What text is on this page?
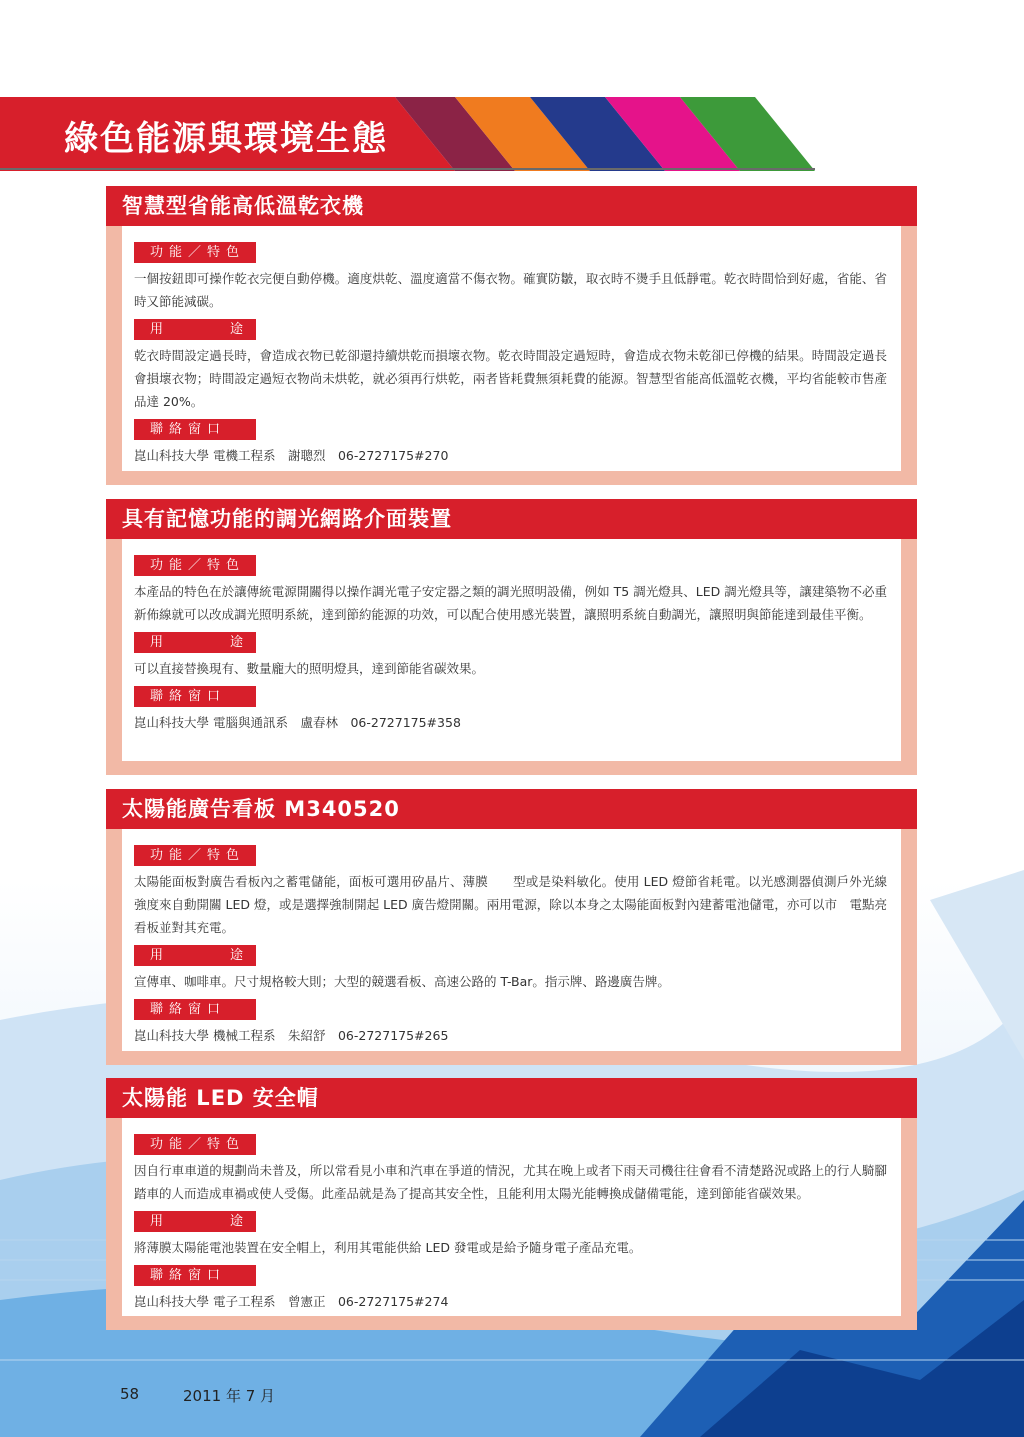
綠色能源與環境生態
智慧型省能高低溫乾衣機
功能／特色
一個按鈕即可操作乾衣完便自動停機。適度烘乾、溫度適當不傷衣物。確實防皺，取衣時不燙手且低靜電。乾衣時間恰到好處，省能、省時又節能減碳。
用	途
乾衣時間設定過長時，會造成衣物已乾卻還持續烘乾而損壞衣物。乾衣時間設定過短時，會造成衣物未乾卻已停機的結果。時間設定過長會損壞衣物；時間設定過短衣物尚未烘乾，就必須再行烘乾，兩者皆耗費無須耗費的能源。智慧型省能高低溫乾衣機，平均省能較市售產品達 20%。
聯絡窗口
崑山科技大學 電機工程系　謝聰烈　06-2727175#270
具有記憶功能的調光網路介面裝置
功能／特色
本產品的特色在於讓傳統電源開關得以操作調光電子安定器之類的調光照明設備，例如 T5 調光燈具、LED 調光燈具等，讓建築物不必重新佈線就可以改成調光照明系統，達到節約能源的功效，可以配合使用感光裝置，讓照明系統自動調光，讓照明與節能達到最佳平衡。
用	途
可以直接替換現有、數量龐大的照明燈具，達到節能省碳效果。
聯絡窗口
崑山科技大學 電腦與通訊系　盧春林　06-2727175#358
太陽能廣告看板 M340520
功能／特色
太陽能面板對廣告看板內之蓄電儲能，面板可選用矽晶片、薄膜　　型或是染料敏化。使用 LED 燈節省耗電。以光感測器偵測戶外光線強度來自動開關 LED 燈，或是選擇強制開起 LED 廣告燈開關。兩用電源，除以本身之太陽能面板對內建蓄電池儲電，亦可以市　電點亮看板並對其充電。
用	途
宣傳車、咖啡車。尺寸規格較大則；大型的競選看板、高速公路的 T-Bar。指示牌、路邊廣告牌。
聯絡窗口
崑山科技大學 機械工程系　朱紹舒　06-2727175#265
太陽能 LED 安全帽
功能／特色
因自行車車道的規劃尚未普及，所以常看見小車和汽車在爭道的情況，尤其在晚上或者下雨天司機往往會看不清楚路況或路上的行人騎腳踏車的人而造成車禍或使人受傷。此產品就是為了提高其安全性，且能利用太陽光能轉換成儲備電能，達到節能省碳效果。
用	途
將薄膜太陽能電池裝置在安全帽上，利用其電能供給 LED 發電或是給予隨身電子產品充電。
聯絡窗口
崑山科技大學 電子工程系　曾憲正　06-2727175#274
58	2011 年 7 月
